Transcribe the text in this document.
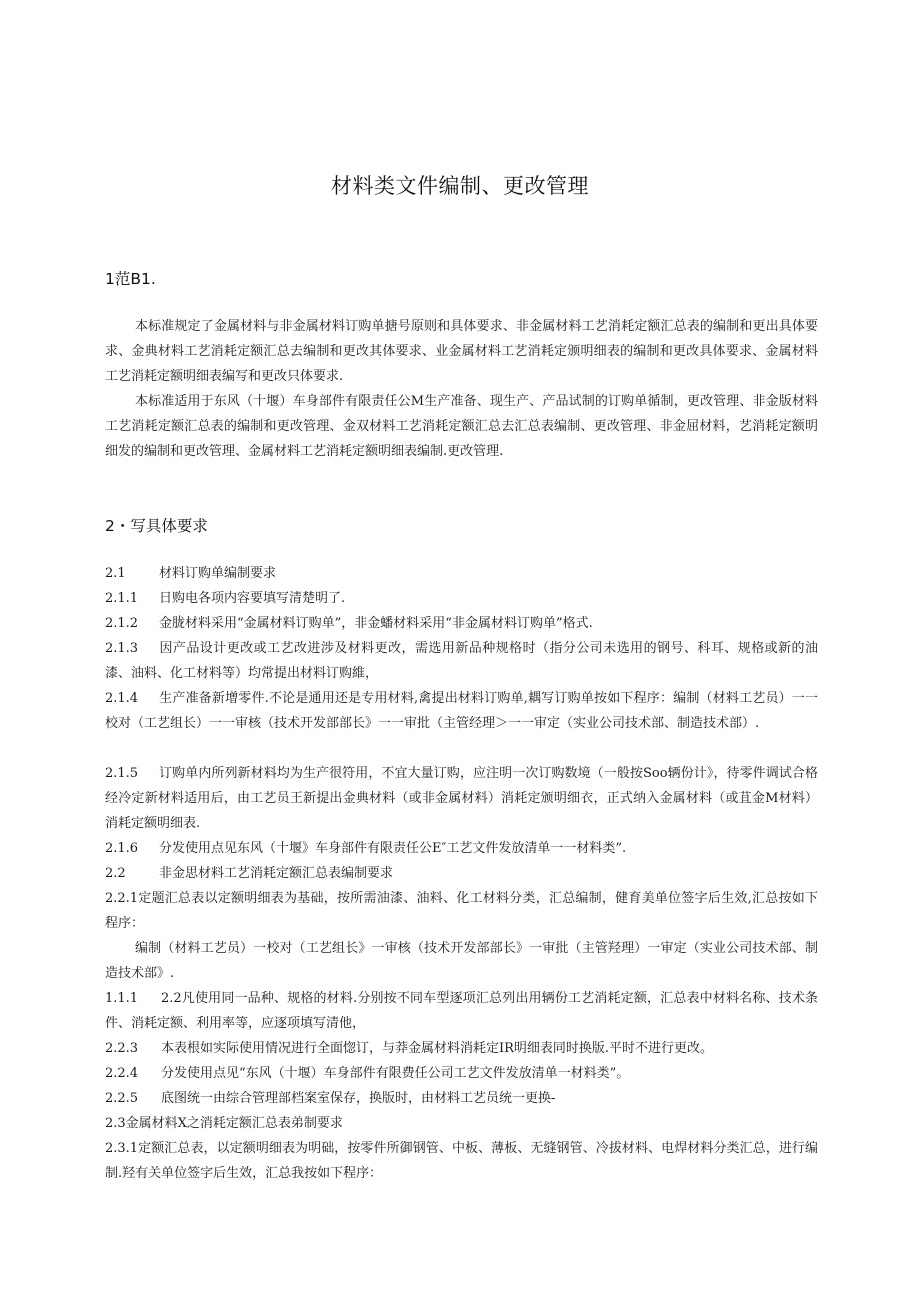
材料类文件编制、更改管理
1范B1.

本标准规定了金属材料与非金属材料订购单搪号原则和具体要求、非金属材料工艺消耗定额汇总表的编制和更出具体要求、金典材料工艺消耗定额汇总去编制和更改其体要求、业金属材料工艺消耗定颁明细表的编制和更改具体要求、金属材料工艺消耗定额明细表编写和更改只体要求.

本标准适用于东风（十堰）车身部件有限责任公M生产准备、现生产、产品试制的订购单循制，更改管理、非金版材料工艺消耗定额汇总表的编制和更改管理、金双材料工艺消耗定额汇总去汇总表编制、更改管理、非金屈材料，艺消耗定额明细发的编制和更改管理、金属材料工艺消耗定额明细表编制.更改管理.

2・写具体要求

2.1	材料订购单编制要求

2.1.1 日购电各项内容要填写清楚明了.

2.1.2 金胧材料采用“金属材料订购单”，非金蟠材料采用“非金属材料订购单”格式.

2.1.3 因产品设计更改或工艺改进涉及材料更改，需选用新品种规格时（指分公司未选用的钢号、科耳、规格或新的油漆、油料、化工材料等）均常提出材料订购維，

2.1.4 生产准备新增零件.不论是通用还是专用材料,禽提出材料订购单,耦写订购单按如下程序：编制（材料工艺员）一一校对（工艺组长）一一审核（技术开发部部长》一一审批（主管经理＞一一审定（实业公司技术部、制造技术部）.

2.1.5 订购单内所列新材料均为生产很符用，不宜大量订购，应注明一次订购数境（一般按Soo辆份计》，待零件调试合格经冷定新材料适用后，由工艺员王新提出金典材料（或非金属材料）消耗定颁明细衣，正式纳入金属材料（或苴金M材料）消耗定额明细表.

2.1.6 分发使用点见东风（十堰》车身部件有限责任公E″工艺文件发放清单一一材料类”.

2.2	非金思材料工艺消耗定额汇总表编制要求

2.2.1定题汇总表以定额明细表为基础，按所需油漆、油料、化工材料分类，汇总编制，健育美单位签字后生效,汇总按如下程序：

编制（材料工艺员）一校对（工艺组长》一审核（技术开发部部长》一审批（主管羟理）一审定（实业公司技术部、制造技术部》.

1.1.1 2.2凡使用同一品种、规格的材料.分别按不同车型逐项汇总列出用辆份工艺消耗定额，汇总表中材料名称、技术条件、消耗定额、利用率等，应逐项填写清他，

2.2.3 本表根如实际使用情况进行全面惚订，与莽金属材料消耗定IR明细表同时换版.平时不进行更改。

2.2.4 分发使用点见“东风（十堰）车身部件有限费任公司工艺文件发放清单一材料类”。

2.2.5 底图统一由综合管理部档案室保存，换版时，由材料工艺员统一更换-

2.3金属材料X之消耗定额汇总表弟制要求

2.3.1定额汇总表，以定额明细表为明础，按零件所御钢管、中板、薄板、无缝钢管、冷拔材料、电焊材料分类汇总，进行编制.羟有关单位签字后生效，汇总我按如下程序：
